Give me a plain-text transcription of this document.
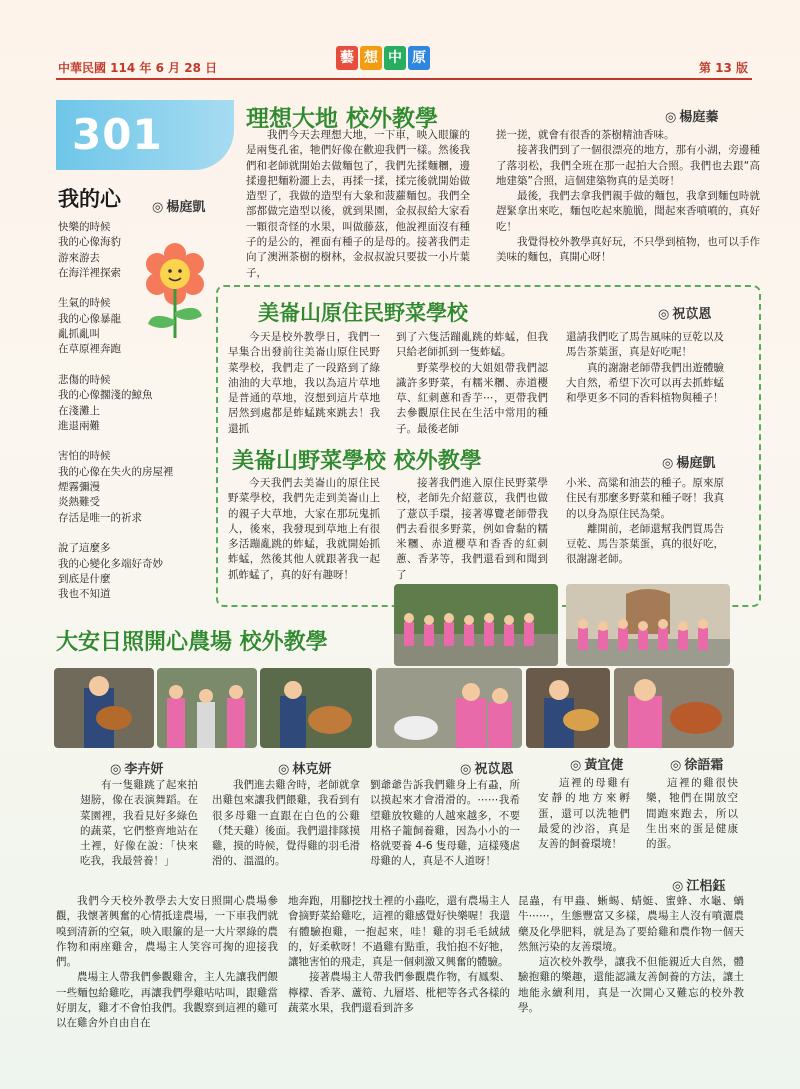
中華民國 114 年 6 月 28 日
藝 想 中 原
第 13 版
301
我的心	◎ 楊庭凱
快樂的時候
我的心像海豹
游來游去
在海洋裡探索
生氣的時候
我的心像暴龍
亂抓亂叫
在草原裡奔跑
悲傷的時候
我的心像擱淺的鯨魚
在淺灘上
進退兩難
害怕的時候
我的心像在失火的房屋裡
煙霧彌漫
炎熱難受
存活是唯一的祈求
說了這麼多
我的心變化多端好奇妙
到底是什麼
我也不知道
理想大地 校外教學	◎ 楊庭蓁

我們今天去理想大地，一下車，映入眼簾的是兩隻孔雀，牠們好像在歡迎我們一樣。然後我們和老師就開始去做麵包了，我們先揉麵糰，邊揉邊把麵粉灑上去，再揉一揉，揉完後就開始做造型了，我做的造型有大象和菠蘿麵包。我們全部都做完造型以後，就到果園，金叔叔給大家看一顆很奇怪的水果，叫做藤茲，他說裡面沒有種子的是公的，裡面有種子的是母的。接著我們走向了澳洲茶樹的樹林，金叔叔說只要拔一小片葉子，

搓一搓，就會有很香的茶樹精油香味。

接著我們到了一個很漂亮的地方，那有小湖，旁邊種了落羽松，我們全班在那一起拍大合照。我們也去跟“高地建築”合照，這個建築物真的是美呀！

最後，我們去拿我們親手做的麵包，我拿到麵包時就趕緊拿出來吃，麵包吃起來脆脆，聞起來香噴噴的，真好吃！

我覺得校外教學真好玩，不只學到植物，也可以手作美味的麵包，真開心呀！

美崙山原住民野菜學校	◎ 祝苡恩

今天是校外教學日，我們一早集合出發前往美崙山原住民野菜學校，我們走了一段路到了綠油油的大草地，我以為這片草地是普通的草地，沒想到這片草地居然到處都是蚱蜢跳來跳去！我還抓

到了六隻活蹦亂跳的蚱蜢，但我只給老師抓到一隻蚱蜢。

野菜學校的大姐姐帶我們認識許多野菜，有糯米糰、赤道櫻草、紅刺蔥和香芋⋯，更帶我們去參觀原住民在生活中常用的種子。最後老師

還請我們吃了馬告風味的豆乾以及馬告茶葉蛋，真是好吃呢！

真的謝謝老師帶我們出遊體驗大自然，希望下次可以再去抓蚱蜢和學更多不同的香料植物與種子！

美崙山野菜學校 校外教學	◎ 楊庭凱

今天我們去美崙山的原住民野菜學校，我們先走到美崙山上的親子大草地，大家在那玩鬼抓人，後來，我發現到草地上有很多活蹦亂跳的蚱蜢，我就開始抓蚱蜢，然後其他人就跟著我一起抓蚱蜢了，真的好有趣呀！

接著我們進入原住民野菜學校，老師先介紹薏苡，我們也做了薏苡手環，接著導覽老師帶我們去看很多野菜，例如會黏的糯米糰、赤道櫻草和香香的紅刺蔥、香茅等，我們還看到和聞到了

小米、高粱和油芸的種子。原來原住民有那麼多野菜和種子呀！我真的以身為原住民為榮。

離開前，老師還幫我們買馬告豆乾、馬告茶葉蛋，真的很好吃，很謝謝老師。

大安日照開心農場 校外教學
◎ 李卉妍	◎ 林克妍	◎ 祝苡恩	◎ 黃宜倢	◎ 徐語霜

有一隻雞跳了起來拍翅膀，像在表演舞蹈。在菜園裡，我看見好多綠色的蔬菜，它們整齊地站在土裡，好像在說：「快來吃我，我最營養！」

我們進去雞舍時，老師就拿出雞包來讓我們餵雞，我看到有很多母雞一直跟在白色的公雞（梵天雞）後面。我們還排隊摸雞，摸的時候，覺得雞的羽毛滑滑的、溫溫的。

劉爺爺告訴我們雞身上有蝨，所以摸起來才會滑滑的。⋯⋯我希望雞放牧雞的人越來越多，不要用格子籠飼養雞，因為小小的一格就要養 4-6 隻母雞，這樣殘虐母雞的人，真是不人道呀！

這裡的母雞有安靜的地方來孵蛋，還可以洗牠們最愛的沙浴，真是友善的飼養環境！

這裡的雞很快樂，牠們在開放空間跑來跑去，所以生出來的蛋是健康的蛋。

◎ 江梠鈺

我們今天校外教學去大安日照開心農場參觀，我懷著興奮的心情抵達農場，一下車我們就嗅到清新的空氣，映入眼簾的是一大片翠綠的農作物和兩座雞舍，農場主人笑容可掬的迎接我們。

農場主人帶我們參觀雞舍，主人先讓我們餵一些麵包給雞吃，再讓我們學雞咕咕叫，跟雞當好朋友，雞才不會怕我們。我觀察到這裡的雞可以在雞舍外自由自在

地奔跑，用腳挖找土裡的小蟲吃，還有農場主人會摘野菜給雞吃，這裡的雞感覺好快樂喔！我還有體驗抱雞，一抱起來，哇！雞的羽毛毛絨絨的，好柔軟呀！不過雞有點重，我怕抱不好牠，讓牠害怕的飛走，真是一個刺激又興奮的體驗。

接著農場主人帶我們參觀農作物，有鳳梨、檸檬、香茅、蘆筍、九層塔、枇杷等各式各樣的蔬菜水果，我們還看到許多

昆蟲，有甲蟲、蜥蜴、蜻蜓、蜜蜂、水龜、蝸牛⋯⋯，生態豐富又多樣，農場主人沒有噴灑農藥及化學肥料，就是為了要給雞和農作物一個天然無污染的友善環境。

這次校外教學，讓我不但能親近大自然，體驗抱雞的樂趣，還能認識友善飼養的方法，讓土地能永續利用，真是一次開心又難忘的校外教學。
